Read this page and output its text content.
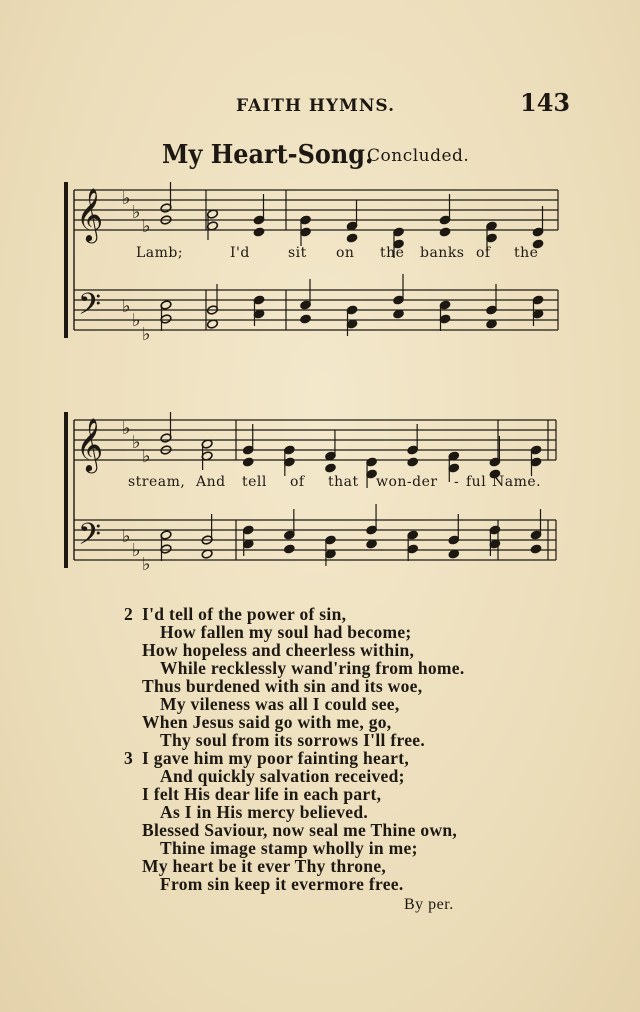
FAITH HYMNS.	143
My Heart-Song.
Concluded.
𝄞
𝄢
♭
♭
♭
♭
♭
♭
𝄞
𝄢
♭
♭
♭
♭
♭
♭
Lamb;	I'd	sit on the banks of the
stream, And tell of that won-der - ful Name.
2 I'd tell of the power of sin,
How fallen my soul had become;
How hopeless and cheerless within,
While recklessly wand'ring from home.
Thus burdened with sin and its woe,
My vileness was all I could see,
When Jesus said go with me, go,
Thy soul from its sorrows I'll free.
3 I gave him my poor fainting heart,
And quickly salvation received;
I felt His dear life in each part,
As I in His mercy believed.
Blessed Saviour, now seal me Thine own,
Thine image stamp wholly in me;
My heart be it ever Thy throne,
From sin keep it evermore free.
By per.
